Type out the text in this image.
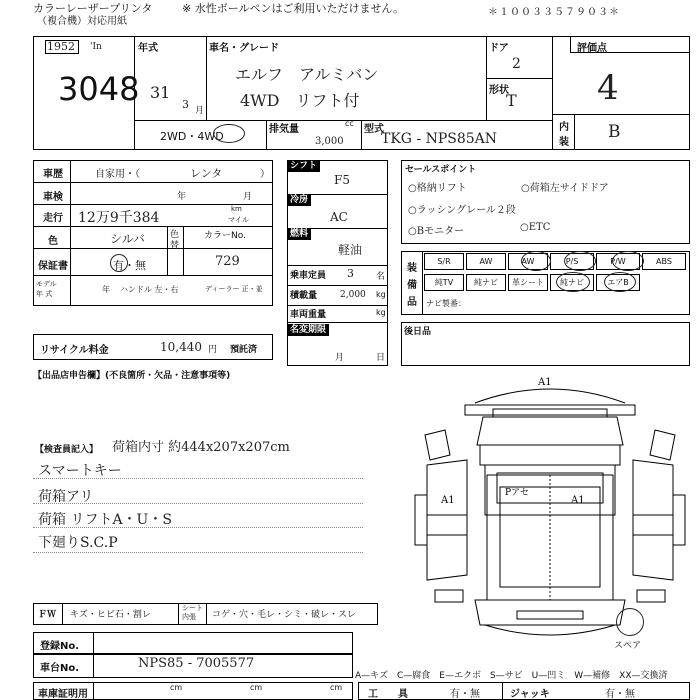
カラーレーザープリンタ
（複合機）対応用紙
※ 水性ボールペンはご利用いただけません。	＊１００３３５７９０３＊
1952 'In
3048
年式
31
3 月
車名・グレード
エルフ　アルミバン
4WD　リフト付
ドア
2
形状
T
2WD・4WD
排気量
cc
3,000
型式
TKG - NPS85AN
評価点
4
内
装
B
車歴	自家用・（	レンタ	）
車検	年	月
走行 12万9千384
km
マイル
色	シルバ	色
替
カラーNo.
729
保証書	有・無
モデル
年 式	年 ハンドル 左・右	ディーラー 正・並
リサイクル料金	10,440 円 預託済
シフト
F5
冷房
AC
燃料
軽油
乗車定員 3 名
積載量	2,000 kg
車両重量	kg
名変期限
月	日
セールスポイント
○格納リフト	○荷箱左サイドドア
○ラッシングレール２段
○Bモニター	○ETC
装
備
品
S/R	AW	AW	P/S	P/W	ABS
純TV	純ナビ	革シート	純ナビ	エアB
ナビ製番：
後日品
【出品店申告欄】(不良箇所・欠品・注意事項等)
【検査員記入】 荷箱内寸 約444x207x207cm
スマートキー
荷箱アリ
荷箱 リフトA・U・S
下廻りS.C.P
A1
A1	A1
Pアセ
スペア
ＦＷ キズ・ヒビ石・割レ
シート
内張 コゲ・穴・毛レ・シミ・破レ・スレ
登録No.
車台No.	NPS85 - 7005577
A—キズ　C—腐食　E—エクボ　S—サビ　U—凹ミ　W—補修　XX—交換済
車庫証明用
cm	cm	cm
工　　具	有・無	ジャッキ	有・無
